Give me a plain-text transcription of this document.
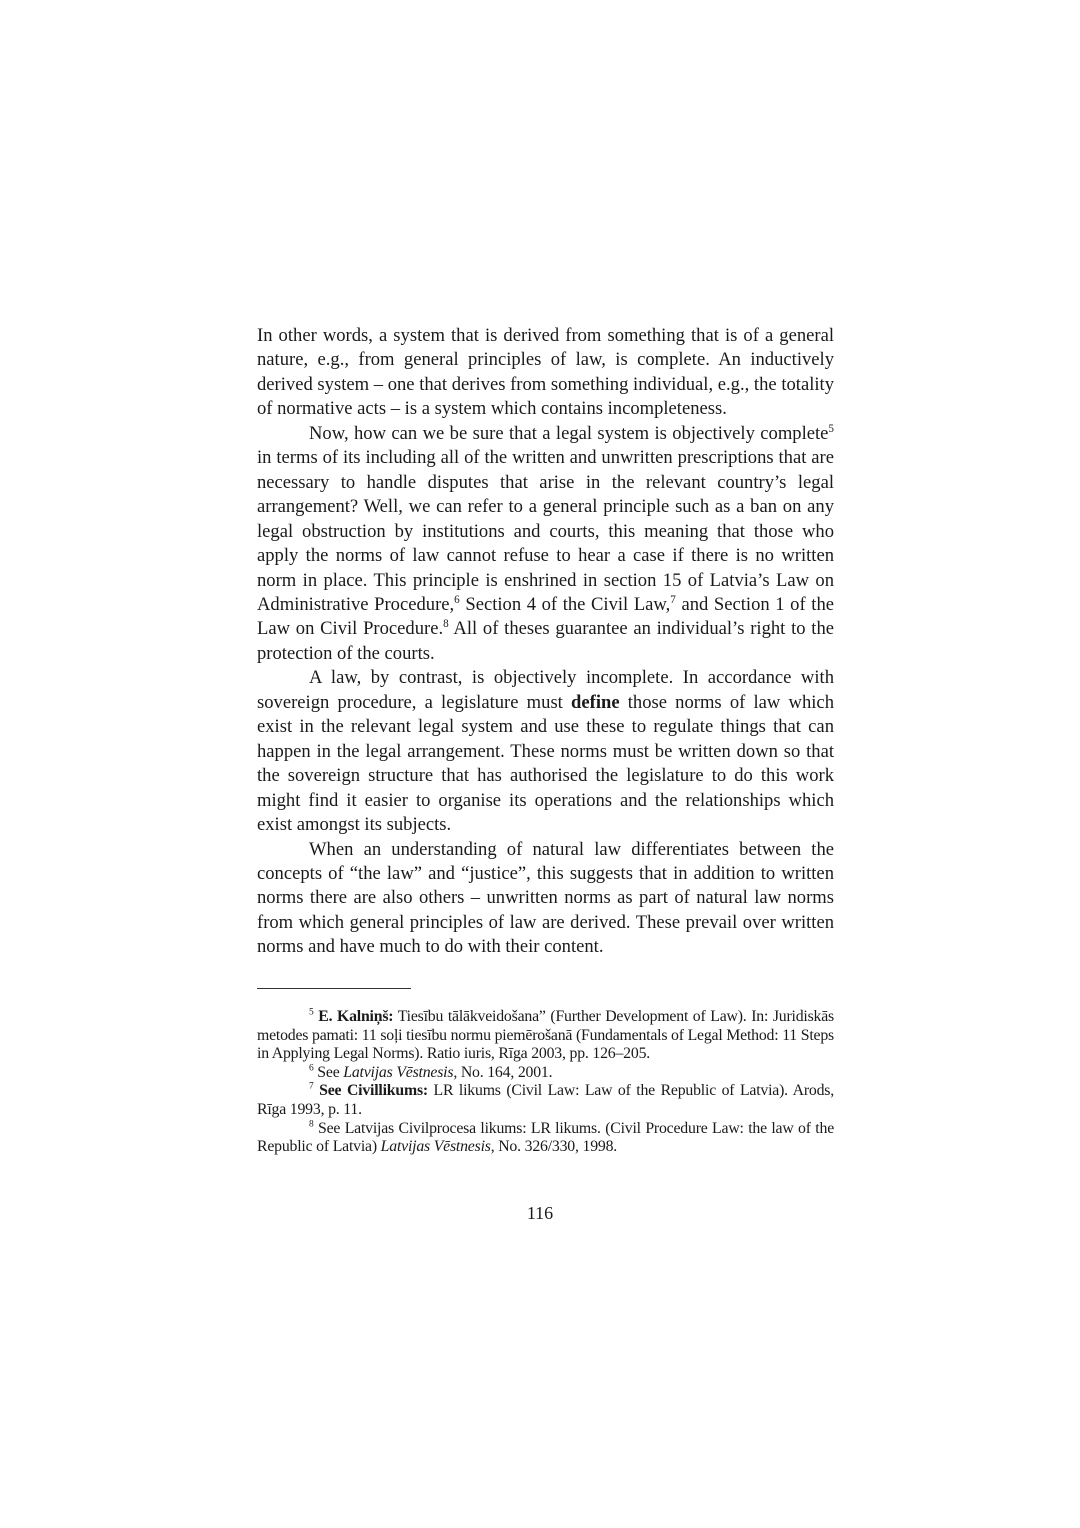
In other words, a system that is derived from something that is of a general nature, e.g., from general principles of law, is complete. An inductively derived system – one that derives from something individual, e.g., the totality of normative acts – is a system which contains incompleteness.

Now, how can we be sure that a legal system is objectively complete$^5$ in terms of its including all of the written and unwritten prescriptions that are necessary to handle disputes that arise in the relevant country’s legal arrangement? Well, we can refer to a general principle such as a ban on any legal obstruction by institutions and courts, this meaning that those who apply the norms of law cannot refuse to hear a case if there is no written norm in place. This principle is enshrined in section 15 of Latvia’s Law on Administrative Procedure,$^6$ Section 4 of the Civil Law,$^7$ and Section 1 of the Law on Civil Procedure.$^8$ All of theses guarantee an individual’s right to the protection of the courts.

A law, by contrast, is objectively incomplete. In accordance with sovereign procedure, a legislature must define those norms of law which exist in the relevant legal system and use these to regulate things that can happen in the legal arrangement. These norms must be written down so that the sovereign structure that has authorised the legislature to do this work might find it easier to organise its operations and the relationships which exist amongst its subjects.

When an understanding of natural law differentiates between the concepts of “the law” and “justice”, this suggests that in addition to written norms there are also others – unwritten norms as part of natural law norms from which general principles of law are derived. These prevail over written norms and have much to do with their content.

$^5$ E. Kalniņš: Tiesību tālākveidošana” (Further Development of Law). In: Juridiskās metodes pamati: 11 soļi tiesību normu piemērošanā (Fundamentals of Legal Method: 11 Steps in Applying Legal Norms). Ratio iuris, Rīga 2003, pp. 126–205.

$^6$ See Latvijas Vēstnesis, No. 164, 2001.

$^7$ See Civillikums: LR likums (Civil Law: Law of the Republic of Latvia). Arods, Rīga 1993, p. 11.

$^8$ See Latvijas Civilprocesa likums: LR likums. (Civil Procedure Law: the law of the Republic of Latvia) Latvijas Vēstnesis, No. 326/330, 1998.

116
